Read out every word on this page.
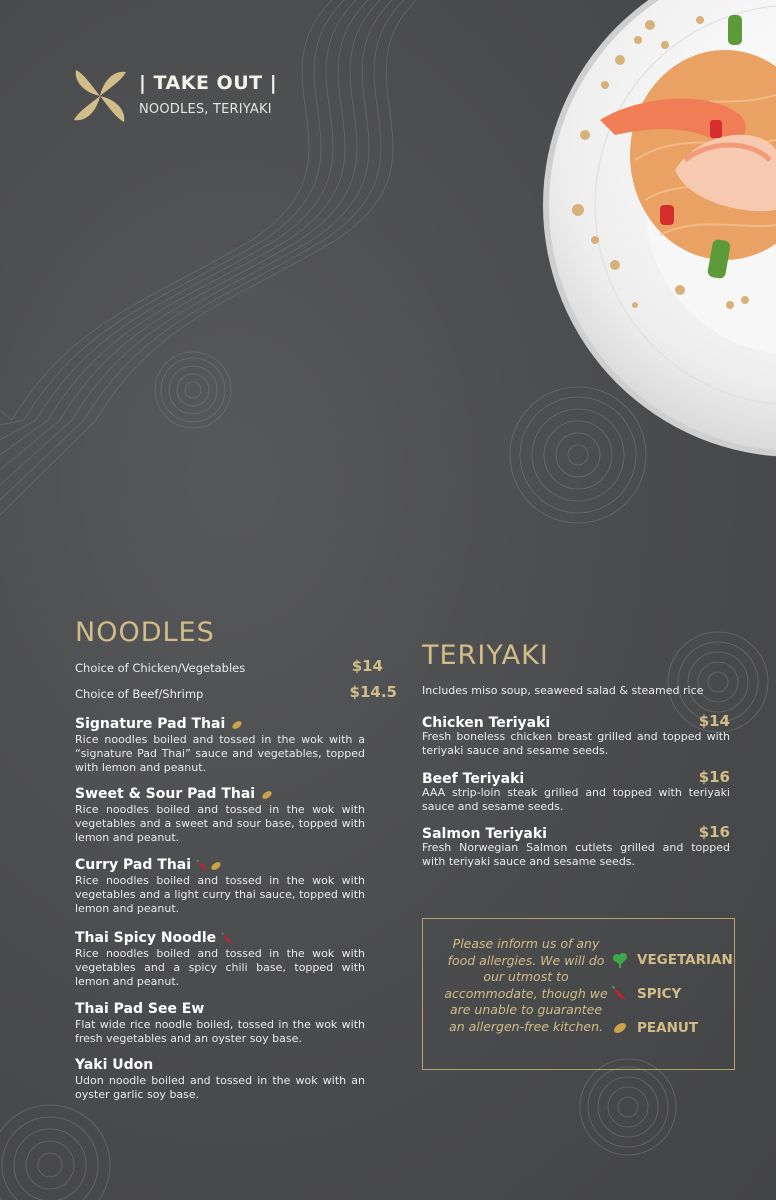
| TAKE OUT |
NOODLES, TERIYAKI
NOODLES
Choice of Chicken/Vegetables	$14
Choice of Beef/Shrimp	$14.5
Signature Pad Thai
Rice noodles boiled and tossed in the wok with a “signature Pad Thai” sauce and vegetables, topped with lemon and peanut.
Sweet & Sour Pad Thai
Rice noodles boiled and tossed in the wok with vegetables and a sweet and sour base, topped with lemon and peanut.
Curry Pad Thai
Rice noodles boiled and tossed in the wok with vegetables and a light curry thai sauce, topped with lemon and peanut.
Thai Spicy Noodle
Rice noodles boiled and tossed in the wok with vegetables and a spicy chili base, topped with lemon and peanut.
Thai Pad See Ew
Flat wide rice noodle boiled, tossed in the wok with fresh vegetables and an oyster soy base.
Yaki Udon
Udon noodle boiled and tossed in the wok with an oyster garlic soy base.
TERIYAKI
Includes miso soup, seaweed salad & steamed rice
Chicken Teriyaki	$14
Fresh boneless chicken breast grilled and topped with teriyaki sauce and sesame seeds.
Beef Teriyaki	$16
AAA strip-loin steak grilled and topped with teriyaki sauce and sesame seeds.
Salmon Teriyaki	$16
Fresh Norwegian Salmon cutlets grilled and topped with teriyaki sauce and sesame seeds.
Please inform us of any food allergies. We will do our utmost to accommodate, though we are unable to guarantee an allergen-free kitchen.
VEGETARIAN
SPICY
PEANUT
